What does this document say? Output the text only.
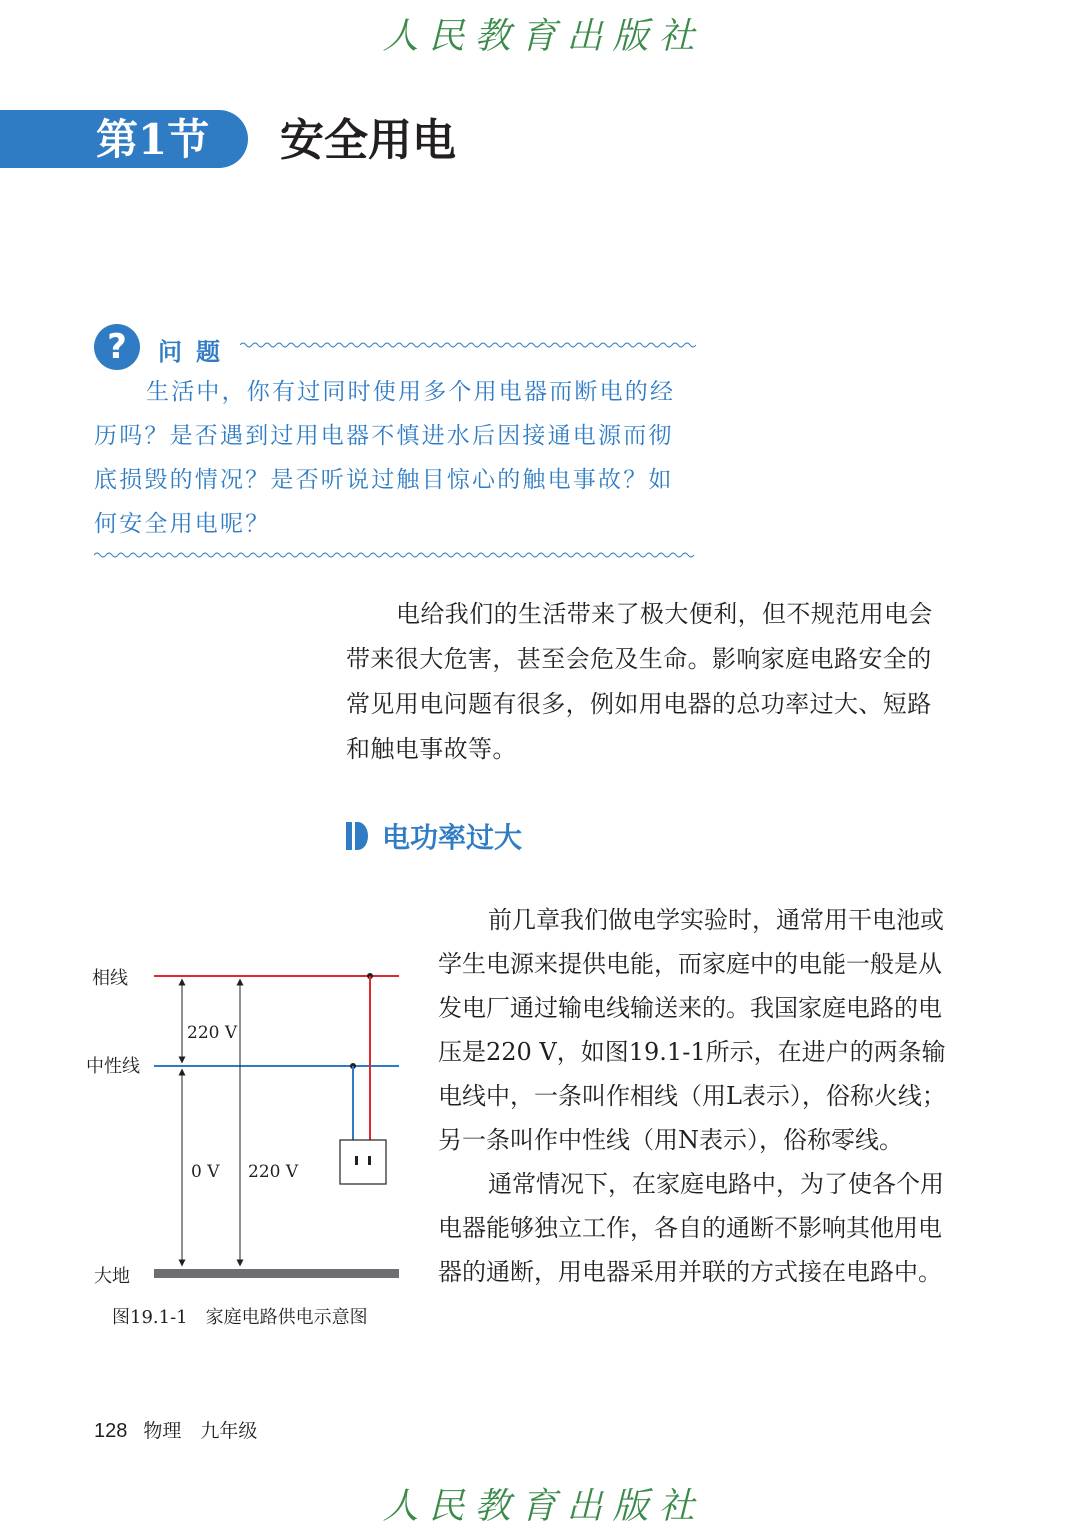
人民教育出版社
第1节 安全用电
?	问题
生活中，你有过同时使用多个用电器而断电的经历吗？是否遇到过用电器不慎进水后因接通电源而彻底损毁的情况？是否听说过触目惊心的触电事故？如何安全用电呢？
电给我们的生活带来了极大便利，但不规范用电会带来很大危害，甚至会危及生命。影响家庭电路安全的常见用电问题有很多，例如用电器的总功率过大、短路和触电事故等。
电功率过大
前几章我们做电学实验时，通常用干电池或学生电源来提供电能，而家庭中的电能一般是从发电厂通过输电线输送来的。我国家庭电路的电压是220 V，如图19.1-1所示，在进户的两条输电线中，一条叫作相线（用L表示），俗称火线；另一条叫作中性线（用N表示），俗称零线。
通常情况下，在家庭电路中，为了使各个用电器能够独立工作，各自的通断不影响其他用电器的通断，用电器采用并联的方式接在电路中。
相线
中性线
大地
220 V
0 V 220 V
图19.1-1 家庭电路供电示意图
128 物理　九年级
人民教育出版社
